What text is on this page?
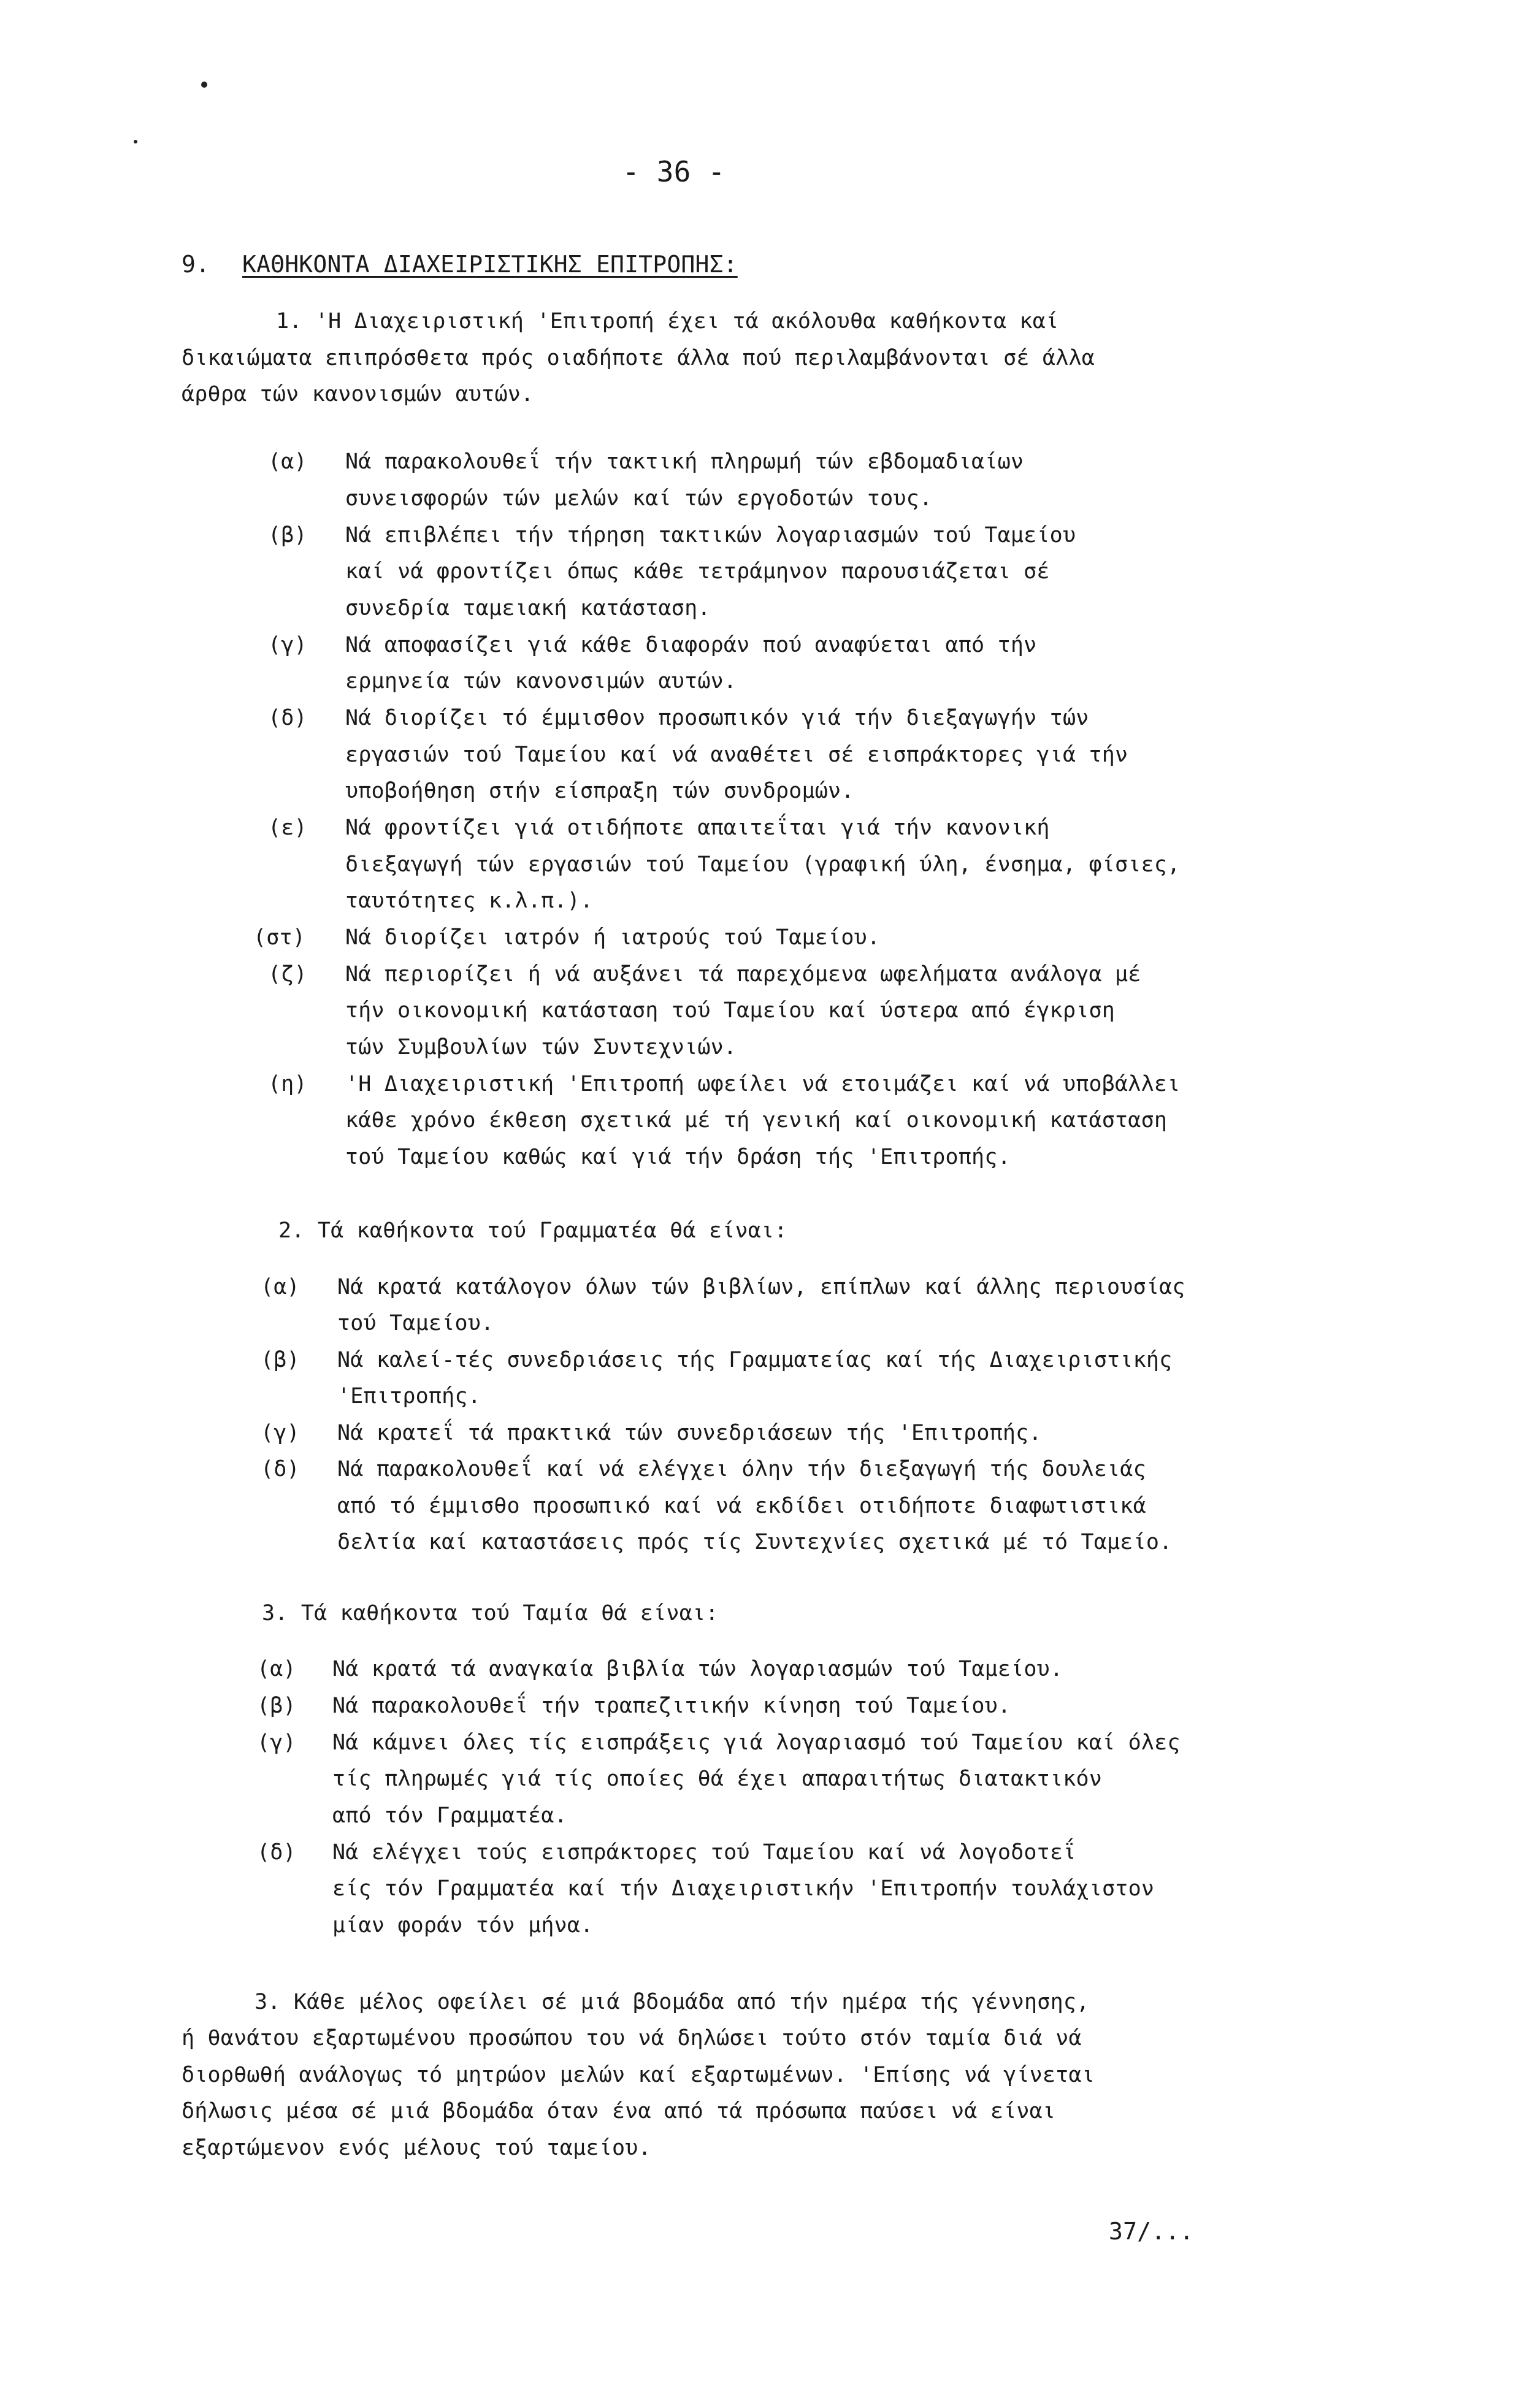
- 36 -
9. ΚΑΘΗΚΟΝΤΑ ΔΙΑΧΕΙΡΙΣΤΙΚΗΣ ΕΠΙΤΡΟΠΗΣ:
1. 'Η Διαχειριστική 'Επιτροπή έχει τά ακόλουθα καθήκοντα καί
δικαιώματα επιπρόσθετα πρός οιαδήποτε άλλα πού περιλαμβάνονται σέ άλλα
άρθρα τών κανονισμών αυτών.
(α) Νά παρακολουθεΐ τήν τακτική πληρωμή τών εβδομαδιαίων
συνεισφορών τών μελών καί τών εργοδοτών τους.
(β) Νά επιβλέπει τήν τήρηση τακτικών λογαριασμών τού Ταμείου
καί νά φροντίζει όπως κάθε τετράμηνον παρουσιάζεται σέ
συνεδρία ταμειακή κατάσταση.
(γ) Νά αποφασίζει γιά κάθε διαφοράν πού αναφύεται από τήν
ερμηνεία τών κανονσιμών αυτών.
(δ) Νά διορίζει τό έμμισθον προσωπικόν γιά τήν διεξαγωγήν τών
εργασιών τού Ταμείου καί νά αναθέτει σέ εισπράκτορες γιά τήν
υποβοήθηση στήν είσπραξη τών συνδρομών.
(ε) Νά φροντίζει γιά οτιδήποτε απαιτεΐται γιά τήν κανονική
διεξαγωγή τών εργασιών τού Ταμείου (γραφική ύλη, ένσημα, φίσιες,
ταυτότητες κ.λ.π.).
(στ) Νά διορίζει ιατρόν ή ιατρούς τού Ταμείου.
(ζ) Νά περιορίζει ή νά αυξάνει τά παρεχόμενα ωφελήματα ανάλογα μέ
τήν οικονομική κατάσταση τού Ταμείου καί ύστερα από έγκριση
τών Συμβουλίων τών Συντεχνιών.
(η) 'Η Διαχειριστική 'Επιτροπή ωφείλει νά ετοιμάζει καί νά υποβάλλει
κάθε χρόνο έκθεση σχετικά μέ τή γενική καί οικονομική κατάσταση
τού Ταμείου καθώς καί γιά τήν δράση τής 'Επιτροπής.
2. Τά καθήκοντα τού Γραμματέα θά είναι:
(α) Νά κρατά κατάλογον όλων τών βιβλίων, επίπλων καί άλλης περιουσίας
τού Ταμείου.
(β) Νά καλεί-τές συνεδριάσεις τής Γραμματείας καί τής Διαχειριστικής
'Επιτροπής.
(γ) Νά κρατεΐ τά πρακτικά τών συνεδριάσεων τής 'Επιτροπής.
(δ) Νά παρακολουθεΐ καί νά ελέγχει όλην τήν διεξαγωγή τής δουλειάς
από τό έμμισθο προσωπικό καί νά εκδίδει οτιδήποτε διαφωτιστικά
δελτία καί καταστάσεις πρός τίς Συντεχνίες σχετικά μέ τό Ταμείο.
3. Τά καθήκοντα τού Ταμία θά είναι:
(α) Νά κρατά τά αναγκαία βιβλία τών λογαριασμών τού Ταμείου.
(β) Νά παρακολουθεΐ τήν τραπεζιτικήν κίνηση τού Ταμείου.
(γ) Νά κάμνει όλες τίς εισπράξεις γιά λογαριασμό τού Ταμείου καί όλες
τίς πληρωμές γιά τίς οποίες θά έχει απαραιτήτως διατακτικόν
από τόν Γραμματέα.
(δ) Νά ελέγχει τούς εισπράκτορες τού Ταμείου καί νά λογοδοτεΐ
είς τόν Γραμματέα καί τήν Διαχειριστικήν 'Επιτροπήν τουλάχιστον
μίαν φοράν τόν μήνα.
3. Κάθε μέλος οφείλει σέ μιά βδομάδα από τήν ημέρα τής γέννησης,
ή θανάτου εξαρτωμένου προσώπου του νά δηλώσει τούτο στόν ταμία διά νά
διορθωθή ανάλογως τό μητρώον μελών καί εξαρτωμένων. 'Επίσης νά γίνεται
δήλωσις μέσα σέ μιά βδομάδα όταν ένα από τά πρόσωπα παύσει νά είναι
εξαρτώμενον ενός μέλους τού ταμείου.
37/...
